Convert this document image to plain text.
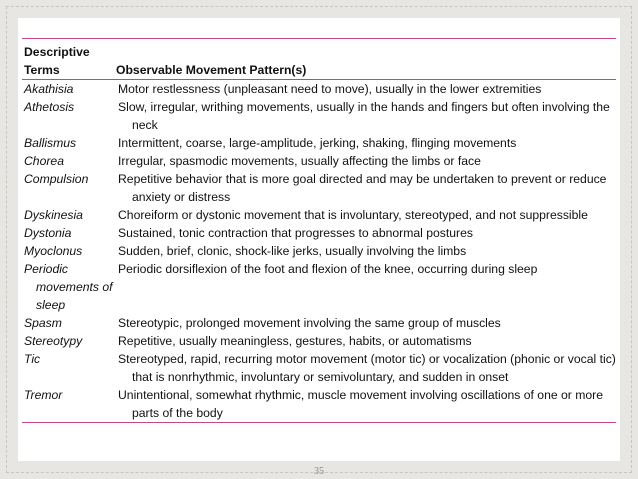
Descriptive
Terms	Observable Movement Pattern(s)

Akathisia	Motor restlessness (unpleasant need to move), usually in the lower extremities

Athetosis	Slow, irregular, writhing movements, usually in the hands and fingers but often involving the neck

Ballismus	Intermittent, coarse, large-amplitude, jerking, shaking, flinging movements

Chorea	Irregular, spasmodic movements, usually affecting the limbs or face

Compulsion	Repetitive behavior that is more goal directed and may be undertaken to prevent or reduce anxiety or distress

Dyskinesia	Choreiform or dystonic movement that is involuntary, stereotyped, and not suppressible

Dystonia	Sustained, tonic contraction that progresses to abnormal postures

Myoclonus	Sudden, brief, clonic, shock-like jerks, usually involving the limbs

Periodic movements of sleep	Periodic dorsiflexion of the foot and flexion of the knee, occurring during sleep

Spasm	Stereotypic, prolonged movement involving the same group of muscles

Stereotypy	Repetitive, usually meaningless, gestures, habits, or automatisms

Tic	Stereotyped, rapid, recurring motor movement (motor tic) or vocalization (phonic or vocal tic) that is nonrhythmic, involuntary or semivoluntary, and sudden in onset

Tremor	Unintentional, somewhat rhythmic, muscle movement involving oscillations of one or more parts of the body
35
